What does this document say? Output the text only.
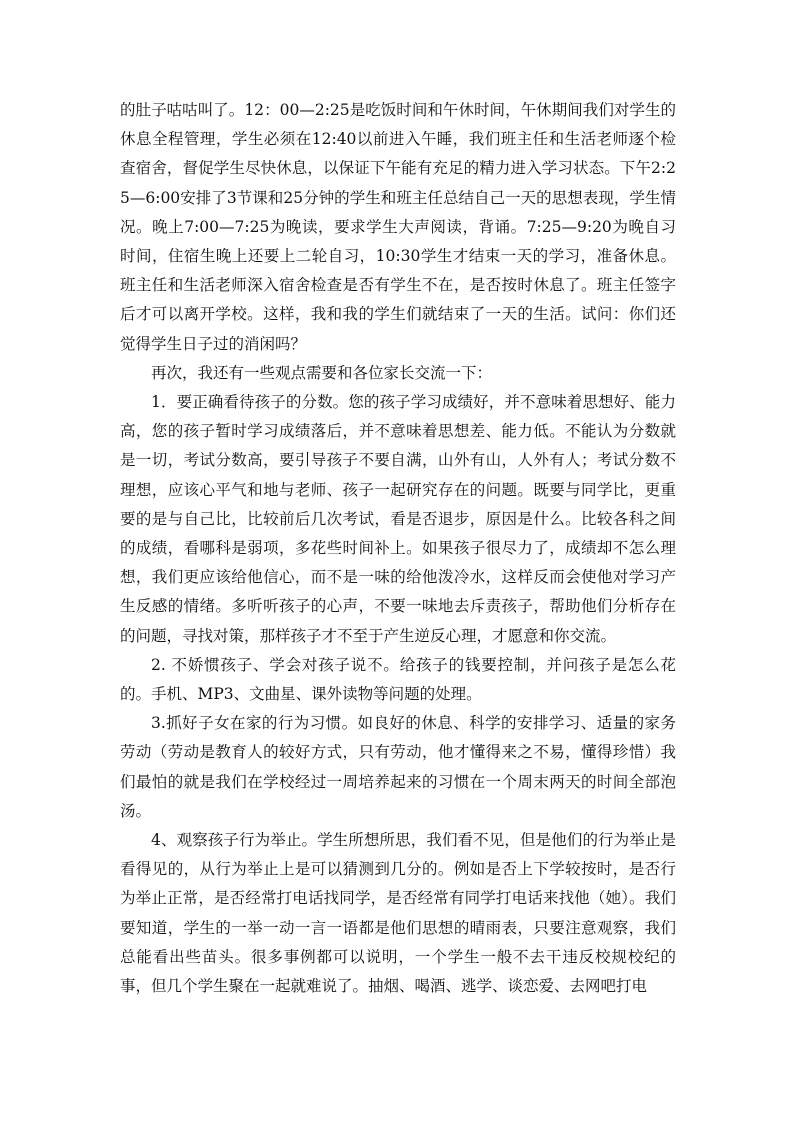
的肚子咕咕叫了。12：00—2:25是吃饭时间和午休时间，午休期间我们对学生的休息全程管理，学生必须在12:40以前进入午睡，我们班主任和生活老师逐个检查宿舍，督促学生尽快休息，以保证下午能有充足的精力进入学习状态。下午2:25—6:00安排了3节课和25分钟的学生和班主任总结自己一天的思想表现，学生情况。晚上7:00—7:25为晚读，要求学生大声阅读，背诵。7:25—9:20为晚自习时间，住宿生晚上还要上二轮自习，10:30学生才结束一天的学习，准备休息。班主任和生活老师深入宿舍检查是否有学生不在，是否按时休息了。班主任签字后才可以离开学校。这样，我和我的学生们就结束了一天的生活。试问：你们还觉得学生日子过的消闲吗？

再次，我还有一些观点需要和各位家长交流一下：

1．要正确看待孩子的分数。您的孩子学习成绩好，并不意味着思想好、能力高，您的孩子暂时学习成绩落后，并不意味着思想差、能力低。不能认为分数就是一切，考试分数高，要引导孩子不要自满，山外有山，人外有人；考试分数不理想，应该心平气和地与老师、孩子一起研究存在的问题。既要与同学比，更重要的是与自己比，比较前后几次考试，看是否退步，原因是什么。比较各科之间的成绩，看哪科是弱项，多花些时间补上。如果孩子很尽力了，成绩却不怎么理想，我们更应该给他信心，而不是一味的给他泼冷水，这样反而会使他对学习产生反感的情绪。多听听孩子的心声，不要一味地去斥责孩子，帮助他们分析存在的问题，寻找对策，那样孩子才不至于产生逆反心理，才愿意和你交流。

2. 不娇惯孩子、学会对孩子说不。给孩子的钱要控制，并问孩子是怎么花的。手机、MP3、文曲星、课外读物等问题的处理。

3.抓好子女在家的行为习惯。如良好的休息、科学的安排学习、适量的家务劳动（劳动是教育人的较好方式，只有劳动，他才懂得来之不易，懂得珍惜）我们最怕的就是我们在学校经过一周培养起来的习惯在一个周末两天的时间全部泡汤。

4、观察孩子行为举止。学生所想所思，我们看不见，但是他们的行为举止是看得见的，从行为举止上是可以猜测到几分的。例如是否上下学较按时，是否行为举止正常，是否经常打电话找同学，是否经常有同学打电话来找他（她）。我们要知道，学生的一举一动一言一语都是他们思想的晴雨表，只要注意观察，我们总能看出些苗头。很多事例都可以说明，一个学生一般不去干违反校规校纪的事，但几个学生聚在一起就难说了。抽烟、喝酒、逃学、谈恋爱、去网吧打电
